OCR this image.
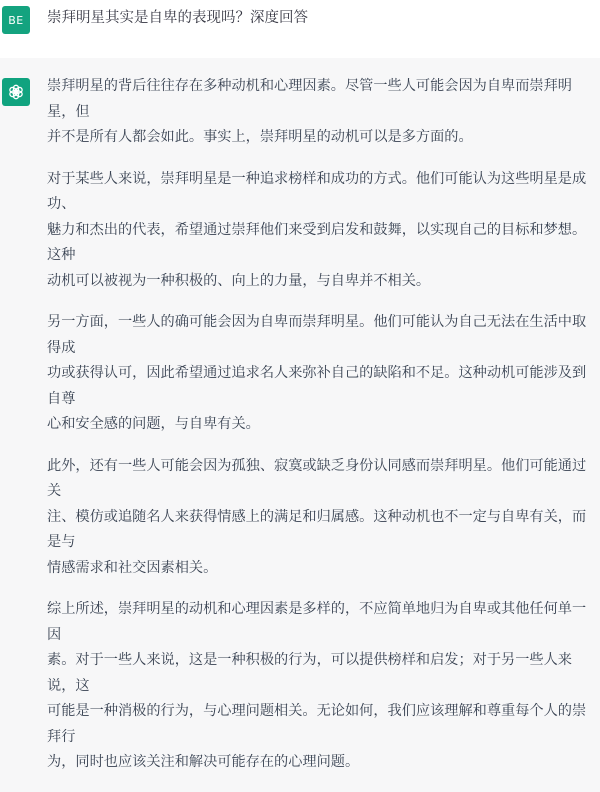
BE 崇拜明星其实是自卑的表现吗？深度回答

崇拜明星的背后往往存在多种动机和心理因素。尽管一些人可能会因为自卑而崇拜明星，但
并不是所有人都会如此。事实上，崇拜明星的动机可以是多方面的。

对于某些人来说，崇拜明星是一种追求榜样和成功的方式。他们可能认为这些明星是成功、
魅力和杰出的代表，希望通过崇拜他们来受到启发和鼓舞，以实现自己的目标和梦想。这种
动机可以被视为一种积极的、向上的力量，与自卑并不相关。

另一方面，一些人的确可能会因为自卑而崇拜明星。他们可能认为自己无法在生活中取得成
功或获得认可，因此希望通过追求名人来弥补自己的缺陷和不足。这种动机可能涉及到自尊
心和安全感的问题，与自卑有关。

此外，还有一些人可能会因为孤独、寂寞或缺乏身份认同感而崇拜明星。他们可能通过关
注、模仿或追随名人来获得情感上的满足和归属感。这种动机也不一定与自卑有关，而是与
情感需求和社交因素相关。

综上所述，崇拜明星的动机和心理因素是多样的，不应简单地归为自卑或其他任何单一因
素。对于一些人来说，这是一种积极的行为，可以提供榜样和启发；对于另一些人来说，这
可能是一种消极的行为，与心理问题相关。无论如何，我们应该理解和尊重每个人的崇拜行
为，同时也应该关注和解决可能存在的心理问题。
